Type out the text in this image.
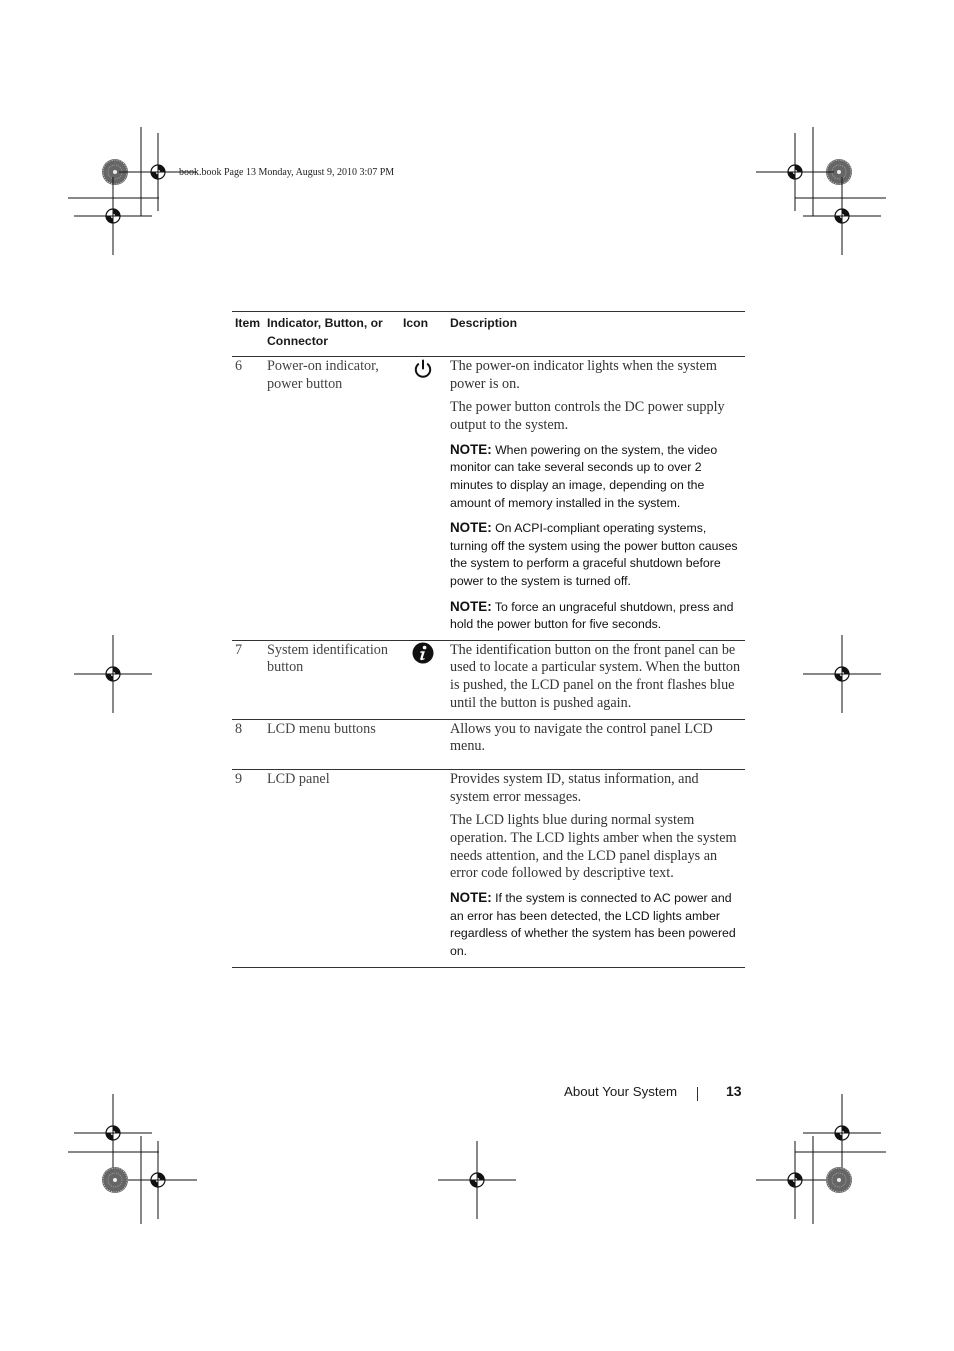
book.book Page 13 Monday, August 9, 2010 3:07 PM
Item	Indicator, Button, or Connector	Icon	Description
6	Power-on indicator, power button		The power-on indicator lights when the system power is on.

The power button controls the DC power supply output to the system.

NOTE: When powering on the system, the video monitor can take several seconds up to over 2 minutes to display an image, depending on the amount of memory installed in the system.

NOTE: On ACPI-compliant operating systems, turning off the system using the power button causes the system to perform a graceful shutdown before power to the system is turned off.

NOTE: To force an ungraceful shutdown, press and hold the power button for five seconds.

7	System identification button		The identification button on the front panel can be used to locate a particular system. When the button is pushed, the LCD panel on the front flashes blue until the button is pushed again.

8	LCD menu buttons		Allows you to navigate the control panel LCD menu.

9	LCD panel		Provides system ID, status information, and system error messages.

The LCD lights blue during normal system operation. The LCD lights amber when the system needs attention, and the LCD panel displays an error code followed by descriptive text.

NOTE: If the system is connected to AC power and an error has been detected, the LCD lights amber regardless of whether the system has been powered on.

About Your System	13
